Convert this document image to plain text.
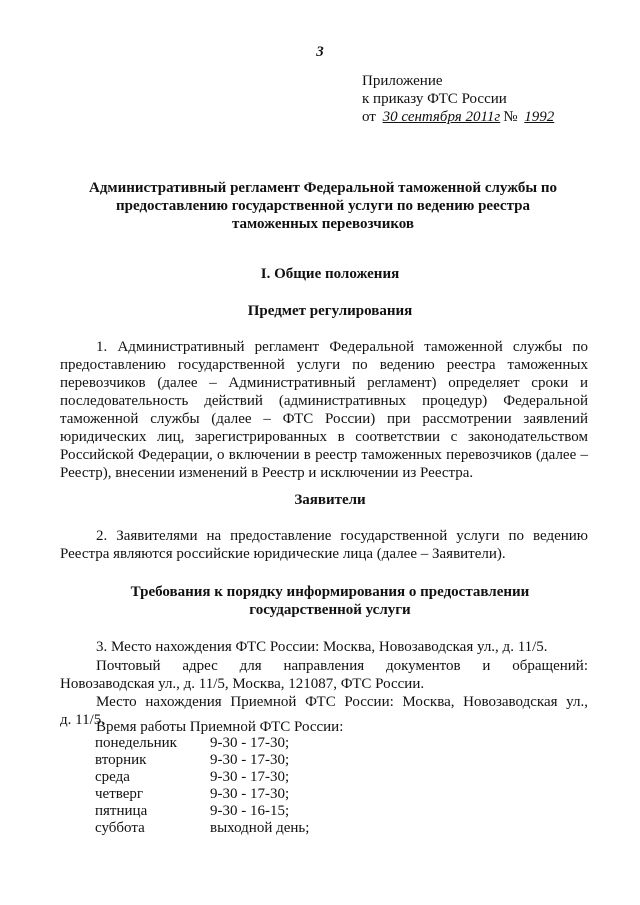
3
Приложение
к приказу ФТС России
от 30 сентября 2011г № 1992
Административный регламент Федеральной таможенной службы по предоставлению государственной услуги по ведению реестра таможенных перевозчиков
I. Общие положения
Предмет регулирования
1. Административный регламент Федеральной таможенной службы по предоставлению государственной услуги по ведению реестра таможенных перевозчиков (далее – Административный регламент) определяет сроки и последовательность действий (административных процедур) Федеральной таможенной службы (далее – ФТС России) при рассмотрении заявлений юридических лиц, зарегистрированных в соответствии с законодательством Российской Федерации, о включении в реестр таможенных перевозчиков (далее – Реестр), внесении изменений в Реестр и исключении из Реестра.
Заявители
2. Заявителями на предоставление государственной услуги по ведению Реестра являются российские юридические лица (далее – Заявители).
Требования к порядку информирования о предоставлении
государственной услуги
3. Место нахождения ФТС России: Москва, Новозаводская ул., д. 11/5.
Почтовый адрес для направления документов и обращений:
Новозаводская ул., д. 11/5, Москва, 121087, ФТС России.
Место нахождения Приемной ФТС России: Москва, Новозаводская ул.,
д. 11/5.
Время работы Приемной ФТС России:
понедельник	9-30 - 17-30;
вторник	9-30 - 17-30;
среда	9-30 - 17-30;
четверг	9-30 - 17-30;
пятница	9-30 - 16-15;
суббота	выходной день;
